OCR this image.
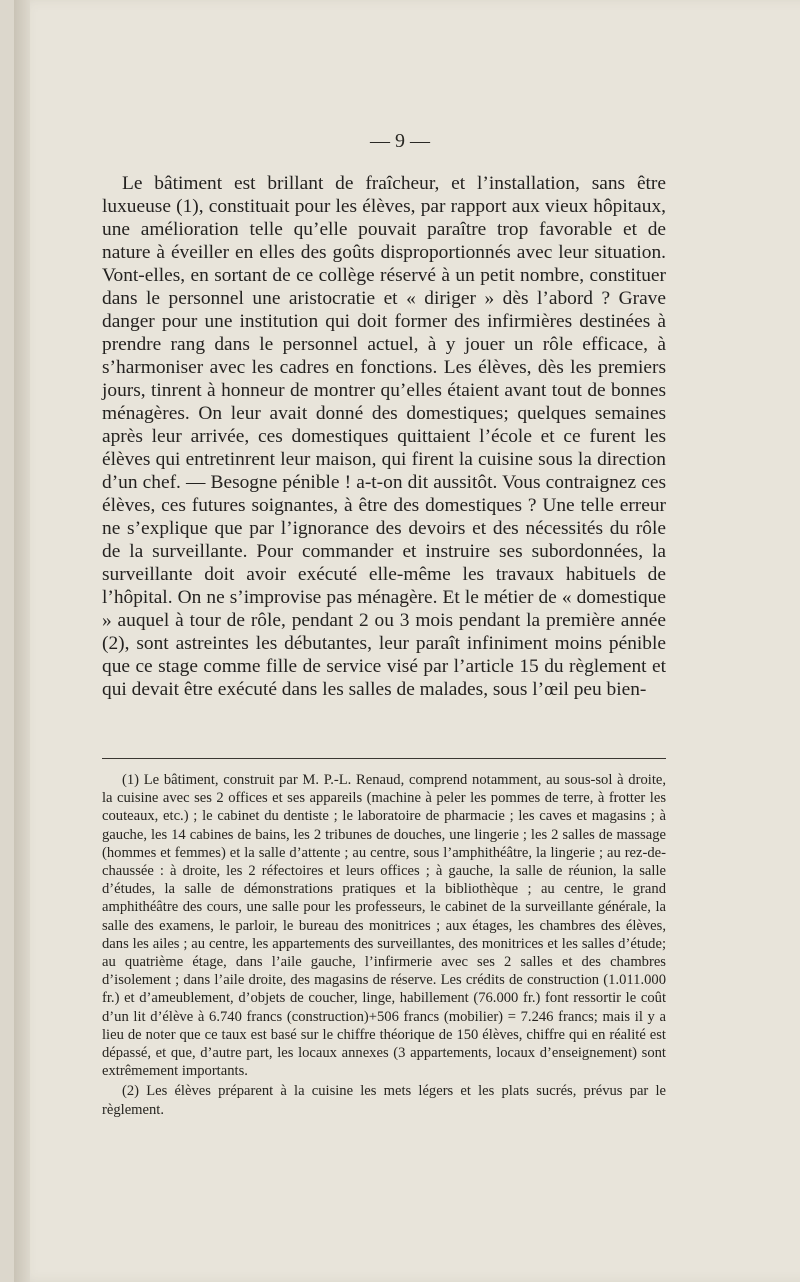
— 9 —

Le bâtiment est brillant de fraîcheur, et l’installation, sans être luxueuse (1), constituait pour les élèves, par rapport aux vieux hôpitaux, une amélioration telle qu’elle pouvait paraître trop favorable et de nature à éveiller en elles des goûts disproportionnés avec leur situation. Vont-elles, en sortant de ce collège réservé à un petit nombre, constituer dans le personnel une aristocratie et « diriger » dès l’abord ? Grave danger pour une institution qui doit former des infirmières destinées à prendre rang dans le personnel actuel, à y jouer un rôle efficace, à s’harmoniser avec les cadres en fonctions. Les élèves, dès les premiers jours, tinrent à honneur de montrer qu’elles étaient avant tout de bonnes ménagères. On leur avait donné des domestiques; quelques semaines après leur arrivée, ces domestiques quittaient l’école et ce furent les élèves qui entretinrent leur maison, qui firent la cuisine sous la direction d’un chef. — Besogne pénible ! a-t-on dit aussitôt. Vous contraignez ces élèves, ces futures soignantes, à être des domestiques ? Une telle erreur ne s’explique que par l’ignorance des devoirs et des nécessités du rôle de la surveillante. Pour commander et instruire ses subordonnées, la surveillante doit avoir exécuté elle-même les travaux habituels de l’hôpital. On ne s’improvise pas ménagère. Et le métier de « domestique » auquel à tour de rôle, pendant 2 ou 3 mois pendant la première année (2), sont astreintes les débutantes, leur paraît infiniment moins pénible que ce stage comme fille de service visé par l’article 15 du règlement et qui devait être exécuté dans les salles de malades, sous l’œil peu bien-

(1) Le bâtiment, construit par M. P.-L. Renaud, comprend notamment, au sous-sol à droite, la cuisine avec ses 2 offices et ses appareils (machine à peler les pommes de terre, à frotter les couteaux, etc.) ; le cabinet du dentiste ; le laboratoire de pharmacie ; les caves et magasins ; à gauche, les 14 cabines de bains, les 2 tribunes de douches, une lingerie ; les 2 salles de massage (hommes et femmes) et la salle d’attente ; au centre, sous l’amphithéâtre, la lingerie ; au rez-de-chaussée : à droite, les 2 réfectoires et leurs offices ; à gauche, la salle de réunion, la salle d’études, la salle de démonstrations pratiques et la bibliothèque ; au centre, le grand amphithéâtre des cours, une salle pour les professeurs, le cabinet de la surveillante générale, la salle des examens, le parloir, le bureau des monitrices ; aux étages, les chambres des élèves, dans les ailes ; au centre, les appartements des surveillantes, des monitrices et les salles d’étude; au quatrième étage, dans l’aile gauche, l’infirmerie avec ses 2 salles et des chambres d’isolement ; dans l’aile droite, des magasins de réserve. Les crédits de construction (1.011.000 fr.) et d’ameublement, d’objets de coucher, linge, habillement (76.000 fr.) font ressortir le coût d’un lit d’élève à 6.740 francs (construction)+506 francs (mobilier) = 7.246 francs; mais il y a lieu de noter que ce taux est basé sur le chiffre théorique de 150 élèves, chiffre qui en réalité est dépassé, et que, d’autre part, les locaux annexes (3 appartements, locaux d’enseignement) sont extrêmement importants.

(2) Les élèves préparent à la cuisine les mets légers et les plats sucrés, prévus par le règlement.
